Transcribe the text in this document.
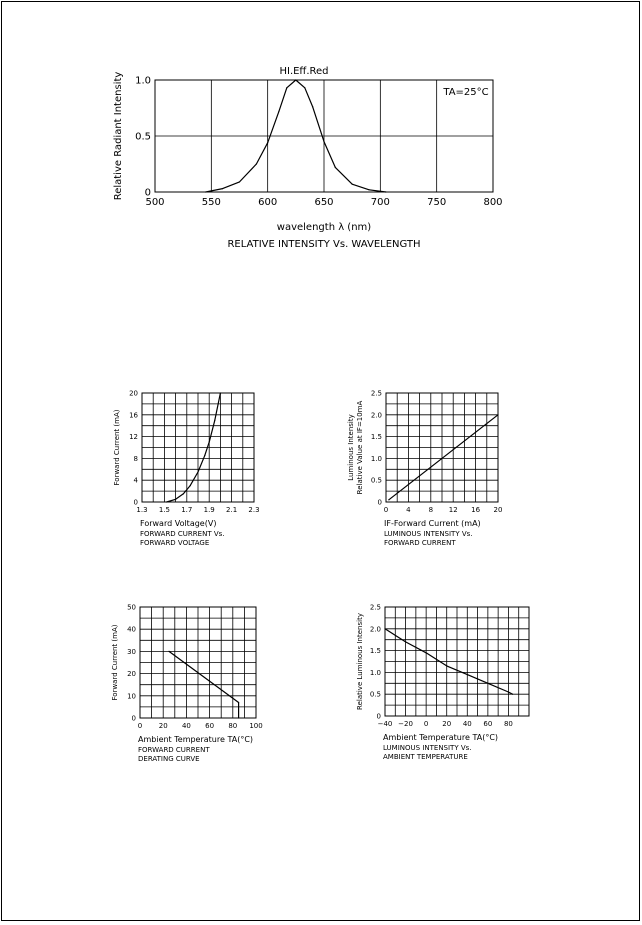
500	550	600	650	700	750	800
0
0.5
1.0
HI.Eff.Red
TA=25°C
wavelength λ (nm)
RELATIVE INTENSITY Vs. WAVELENGTH
Relative Radiant Intensity
1.3 1.5 1.7 1.9 2.1 2.3
0
4
8
12
16
20
Forward Voltage(V)
FORWARD CURRENT Vs.
FORWARD VOLTAGE
Forward Current (mA)
0	4	8 12 16 20
0
0.5
1.0
1.5
2.0
2.5
IF-Forward Current (mA)
LUMINOUS INTENSITY Vs.
FORWARD CURRENT
Luminous Intensity Relative Value at IF=10mA
0 20 40 60 80 100
0
10
20
30
40
50
Ambient Temperature TA(°C)
FORWARD CURRENT
DERATING CURVE
Forward Current (mA)
−40 −20 0 20 40 60 80
0
0.5
1.0
1.5
2.0
2.5
Ambient Temperature TA(°C)
LUMINOUS INTENSITY Vs.
AMBIENT TEMPERATURE
Relative Luminous Intensity
